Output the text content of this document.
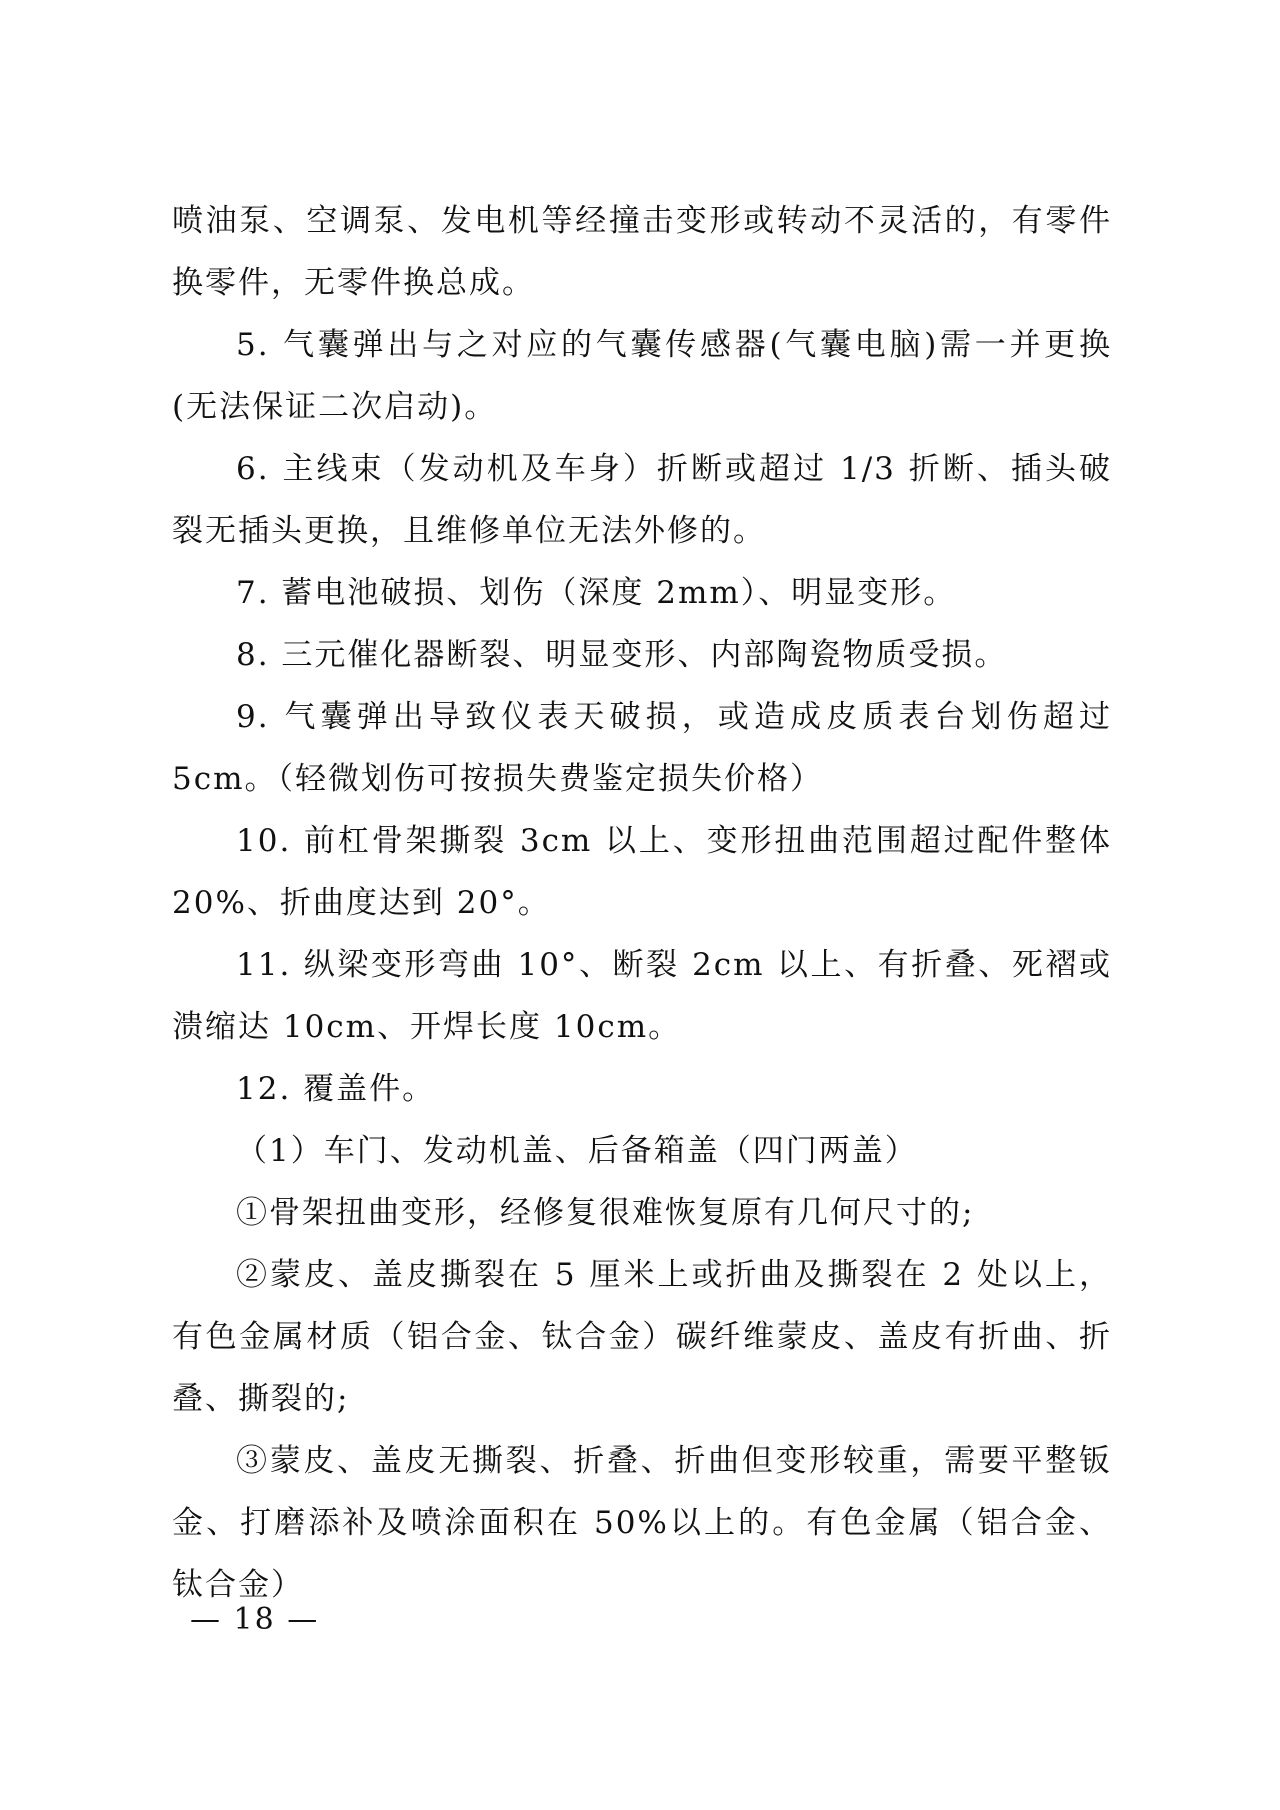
喷油泵、空调泵、发电机等经撞击变形或转动不灵活的，有零件换零件，无零件换总成。

5. 气囊弹出与之对应的气囊传感器(气囊电脑)需一并更换(无法保证二次启动)。

6. 主线束（发动机及车身）折断或超过 1/3 折断、插头破裂无插头更换，且维修单位无法外修的。

7. 蓄电池破损、划伤（深度 2mm）、明显变形。

8. 三元催化器断裂、明显变形、内部陶瓷物质受损。

9. 气囊弹出导致仪表天破损，或造成皮质表台划伤超过 5cm。（轻微划伤可按损失费鉴定损失价格）

10. 前杠骨架撕裂 3cm 以上、变形扭曲范围超过配件整体 20%、折曲度达到 20°。

11. 纵梁变形弯曲 10°、断裂 2cm 以上、有折叠、死褶或溃缩达 10cm、开焊长度 10cm。

12. 覆盖件。

（1）车门、发动机盖、后备箱盖（四门两盖）

①骨架扭曲变形，经修复很难恢复原有几何尺寸的;

②蒙皮、盖皮撕裂在 5 厘米上或折曲及撕裂在 2 处以上，有色金属材质（铝合金、钛合金）碳纤维蒙皮、盖皮有折曲、折叠、撕裂的;

③蒙皮、盖皮无撕裂、折叠、折曲但变形较重，需要平整钣金、打磨添补及喷涂面积在 50%以上的。有色金属（铝合金、钛合金）

— 18 —
